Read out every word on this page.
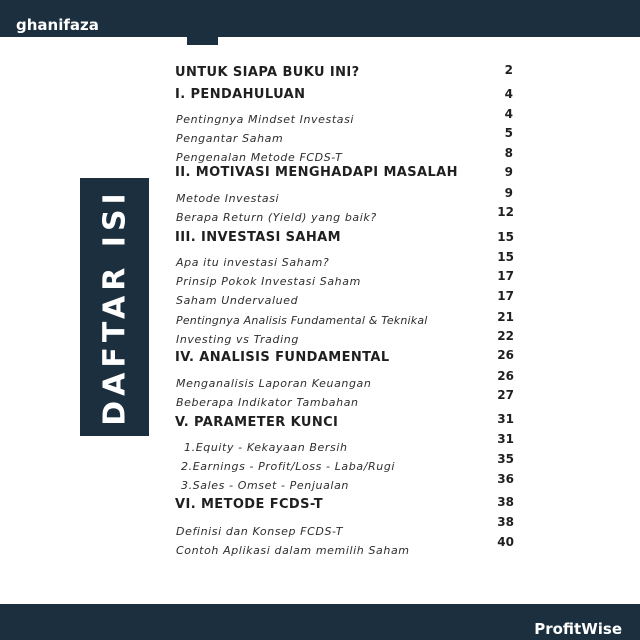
ghanifaza
DAFTAR ISI
UNTUK SIAPA BUKU INI?
I. PENDAHULUAN
Pentingnya Mindset Investasi
Pengantar Saham
Pengenalan Metode FCDS-T
II. MOTIVASI MENGHADAPI MASALAH
Metode Investasi
Berapa Return (Yield) yang baik?
III. INVESTASI SAHAM
Apa itu investasi Saham?
Prinsip Pokok Investasi Saham
Saham Undervalued
Pentingnya Analisis Fundamental & Teknikal
Investing vs Trading
IV. ANALISIS FUNDAMENTAL
Menganalisis Laporan Keuangan
Beberapa Indikator Tambahan
V. PARAMETER KUNCI
1.Equity - Kekayaan Bersih
2.Earnings - Profit/Loss - Laba/Rugi
3.Sales - Omset - Penjualan
VI. METODE FCDS-T
Definisi dan Konsep FCDS-T
Contoh Aplikasi dalam memilih Saham
2
4
4
5
8
9
9
12
15
15
17
17
21
22
26
26
27
31
31
35
36
38
38
40
ProfitWise
